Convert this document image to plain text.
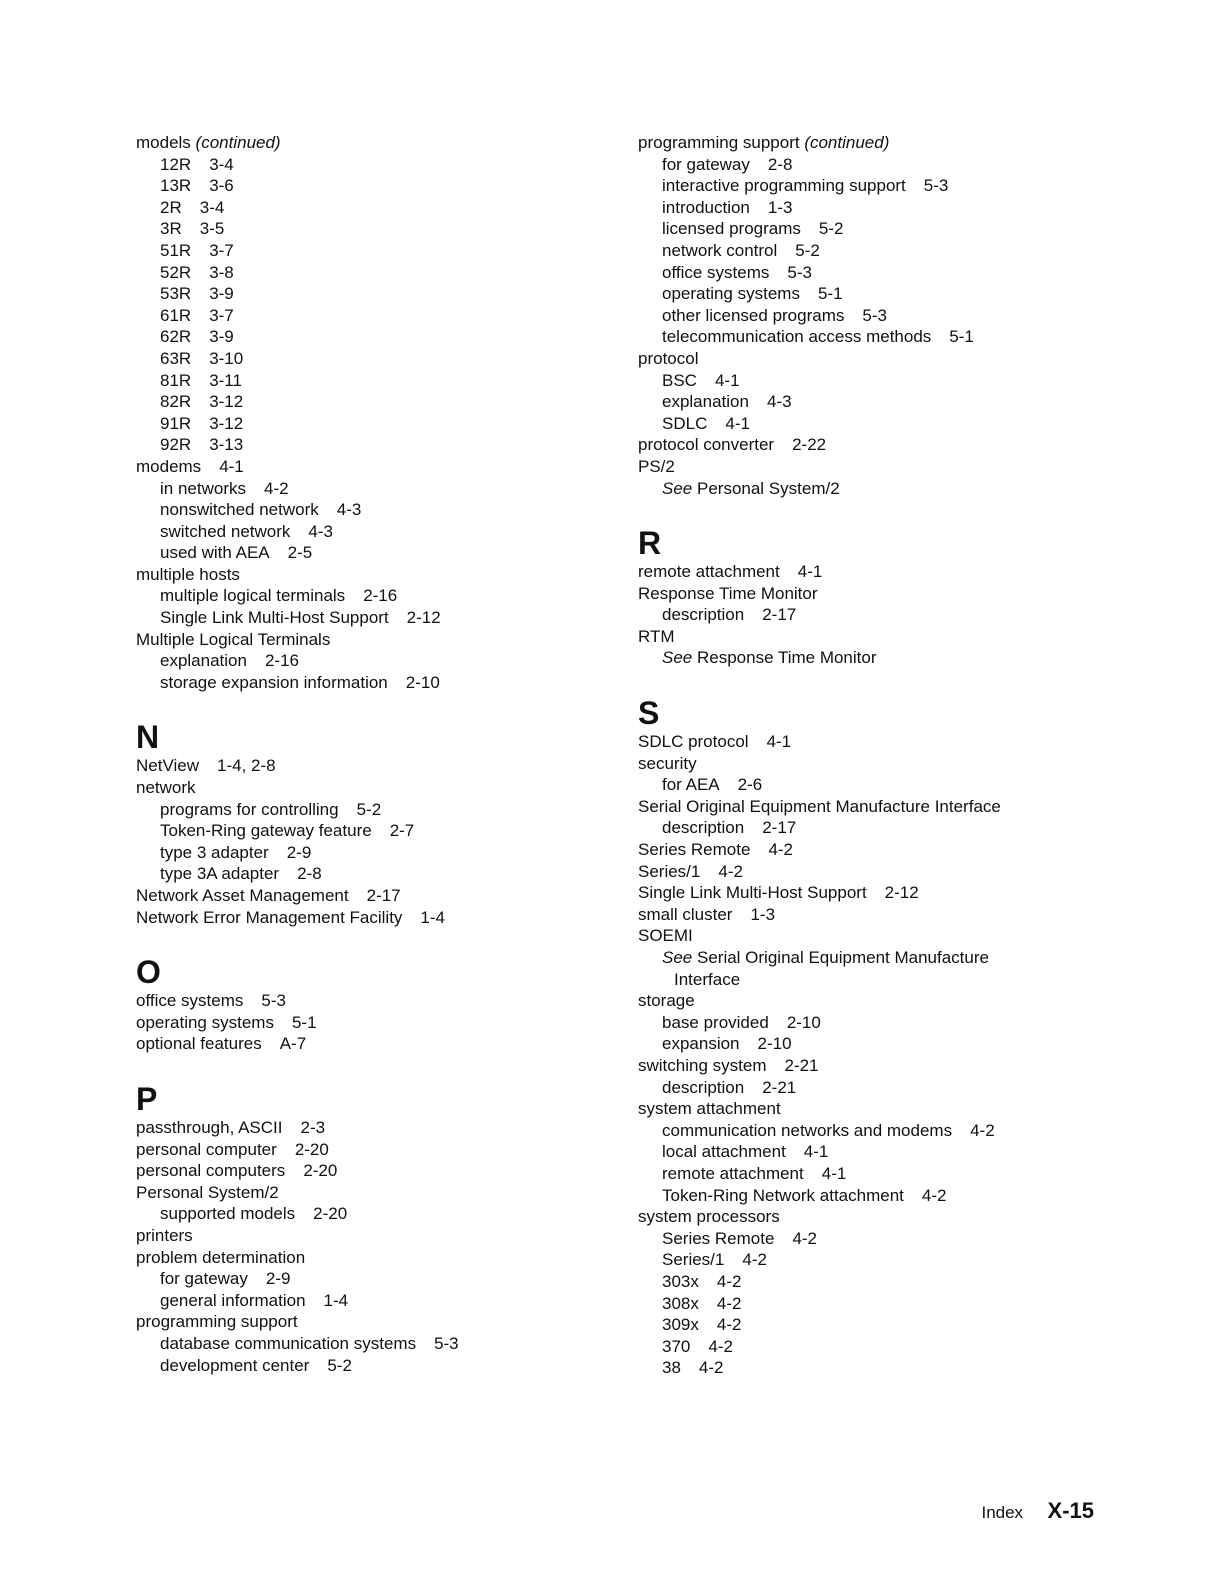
models (continued)
12R 3-4
13R 3-6
2R 3-4
3R 3-5
51R 3-7
52R 3-8
53R 3-9
61R 3-7
62R 3-9
63R 3-10
81R 3-11
82R 3-12
91R 3-12
92R 3-13
modems 4-1
in networks 4-2
nonswitched network 4-3
switched network 4-3
used with AEA 2-5
multiple hosts
multiple logical terminals 2-16
Single Link Multi-Host Support 2-12
Multiple Logical Terminals
explanation 2-16
storage expansion information 2-10
N
NetView 1-4, 2-8
network
programs for controlling 5-2
Token-Ring gateway feature 2-7
type 3 adapter 2-9
type 3A adapter 2-8
Network Asset Management 2-17
Network Error Management Facility 1-4
O
office systems 5-3
operating systems 5-1
optional features A-7
P
passthrough, ASCII 2-3
personal computer 2-20
personal computers 2-20
Personal System/2
supported models 2-20
printers
problem determination
for gateway 2-9
general information 1-4
programming support
database communication systems 5-3
development center 5-2
programming support (continued)
for gateway 2-8
interactive programming support 5-3
introduction 1-3
licensed programs 5-2
network control 5-2
office systems 5-3
operating systems 5-1
other licensed programs 5-3
telecommunication access methods 5-1
protocol
BSC 4-1
explanation 4-3
SDLC 4-1
protocol converter 2-22
PS/2
See Personal System/2
R
remote attachment 4-1
Response Time Monitor
description 2-17
RTM
See Response Time Monitor
S
SDLC protocol 4-1
security
for AEA 2-6
Serial Original Equipment Manufacture Interface
description 2-17
Series Remote 4-2
Series/1 4-2
Single Link Multi-Host Support 2-12
small cluster 1-3
SOEMI
See Serial Original Equipment Manufacture
Interface
storage
base provided 2-10
expansion 2-10
switching system 2-21
description 2-21
system attachment
communication networks and modems 4-2
local attachment 4-1
remote attachment 4-1
Token-Ring Network attachment 4-2
system processors
Series Remote 4-2
Series/1 4-2
303x 4-2
308x 4-2
309x 4-2
370 4-2
38 4-2
Index X-15
